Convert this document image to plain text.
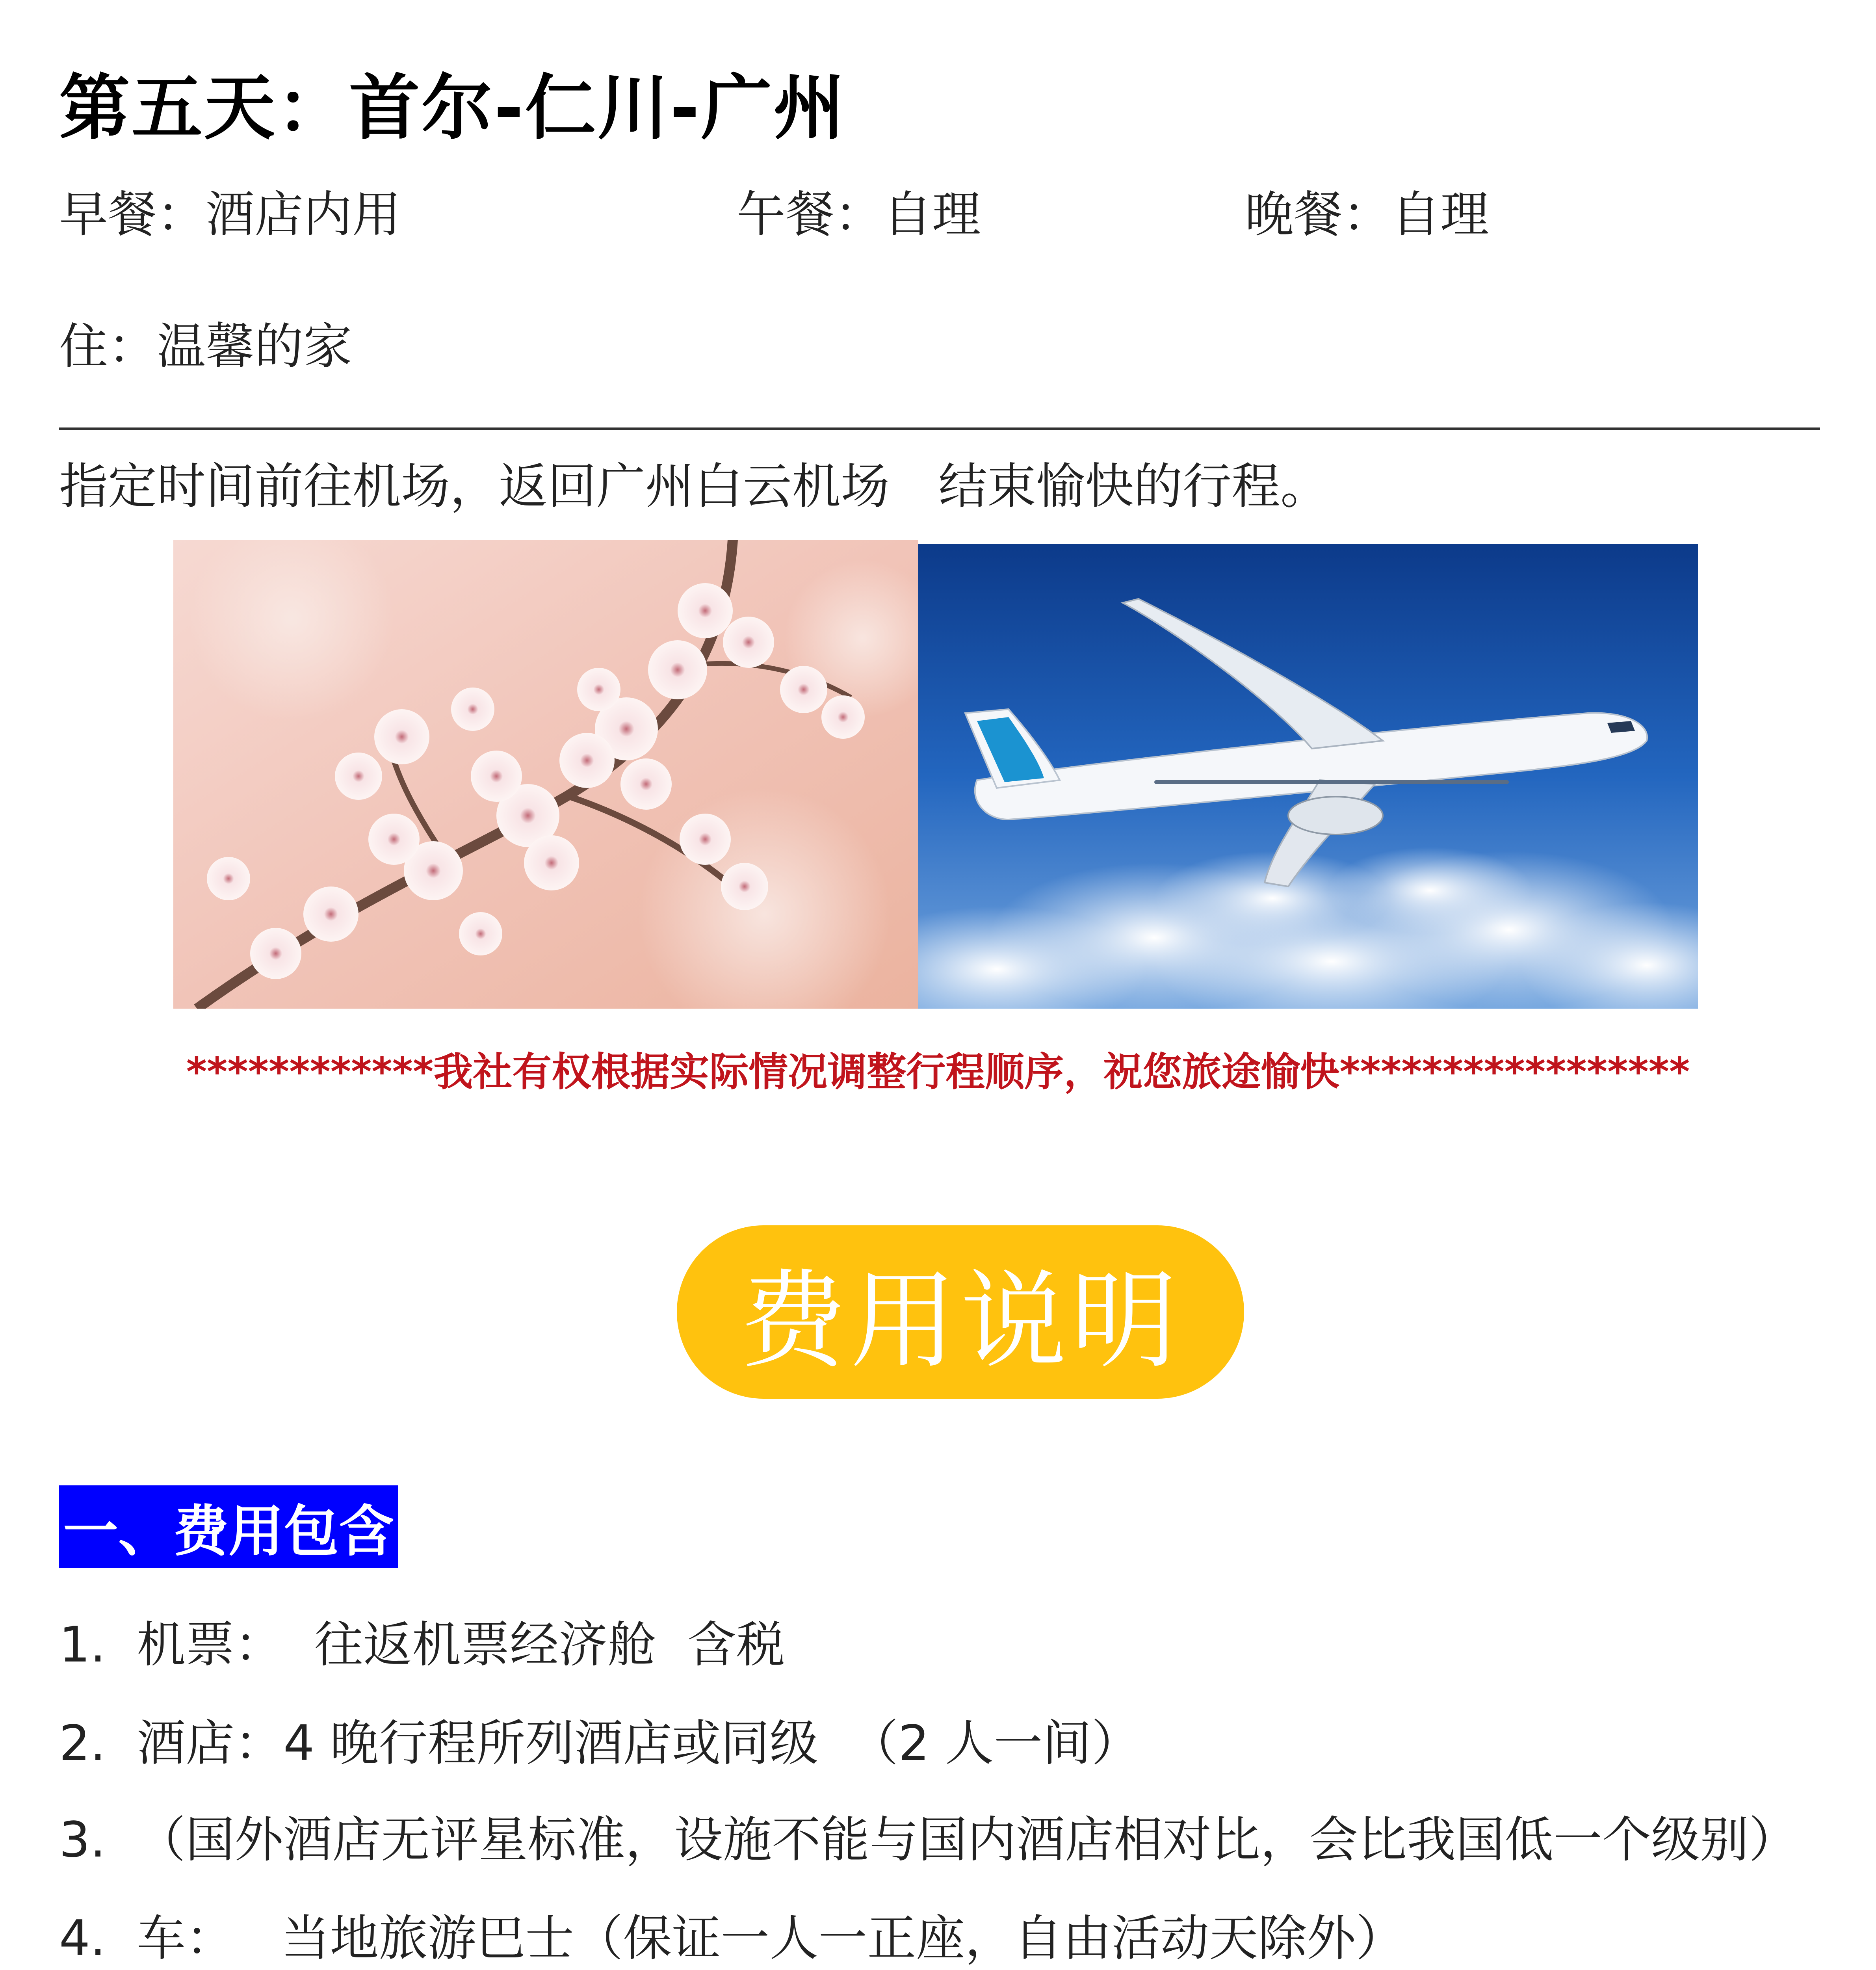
第五天：首尔-仁川-广州
早餐：酒店内用	午餐：自理	晚餐：自理
住：温馨的家
指定时间前往机场，返回广州白云机场　结束愉快的行程。
************我社有权根据实际情况调整行程顺序，祝您旅途愉快*****************
费用说明
一、费用包含
1.  机票：  往返机票经济舱  含税
2.  酒店：4 晚行程所列酒店或同级  （2 人一间）
3.  （国外酒店无评星标准，设施不能与国内酒店相对比，会比我国低一个级别）
4.  车：   当地旅游巴士（保证一人一正座，自由活动天除外）
